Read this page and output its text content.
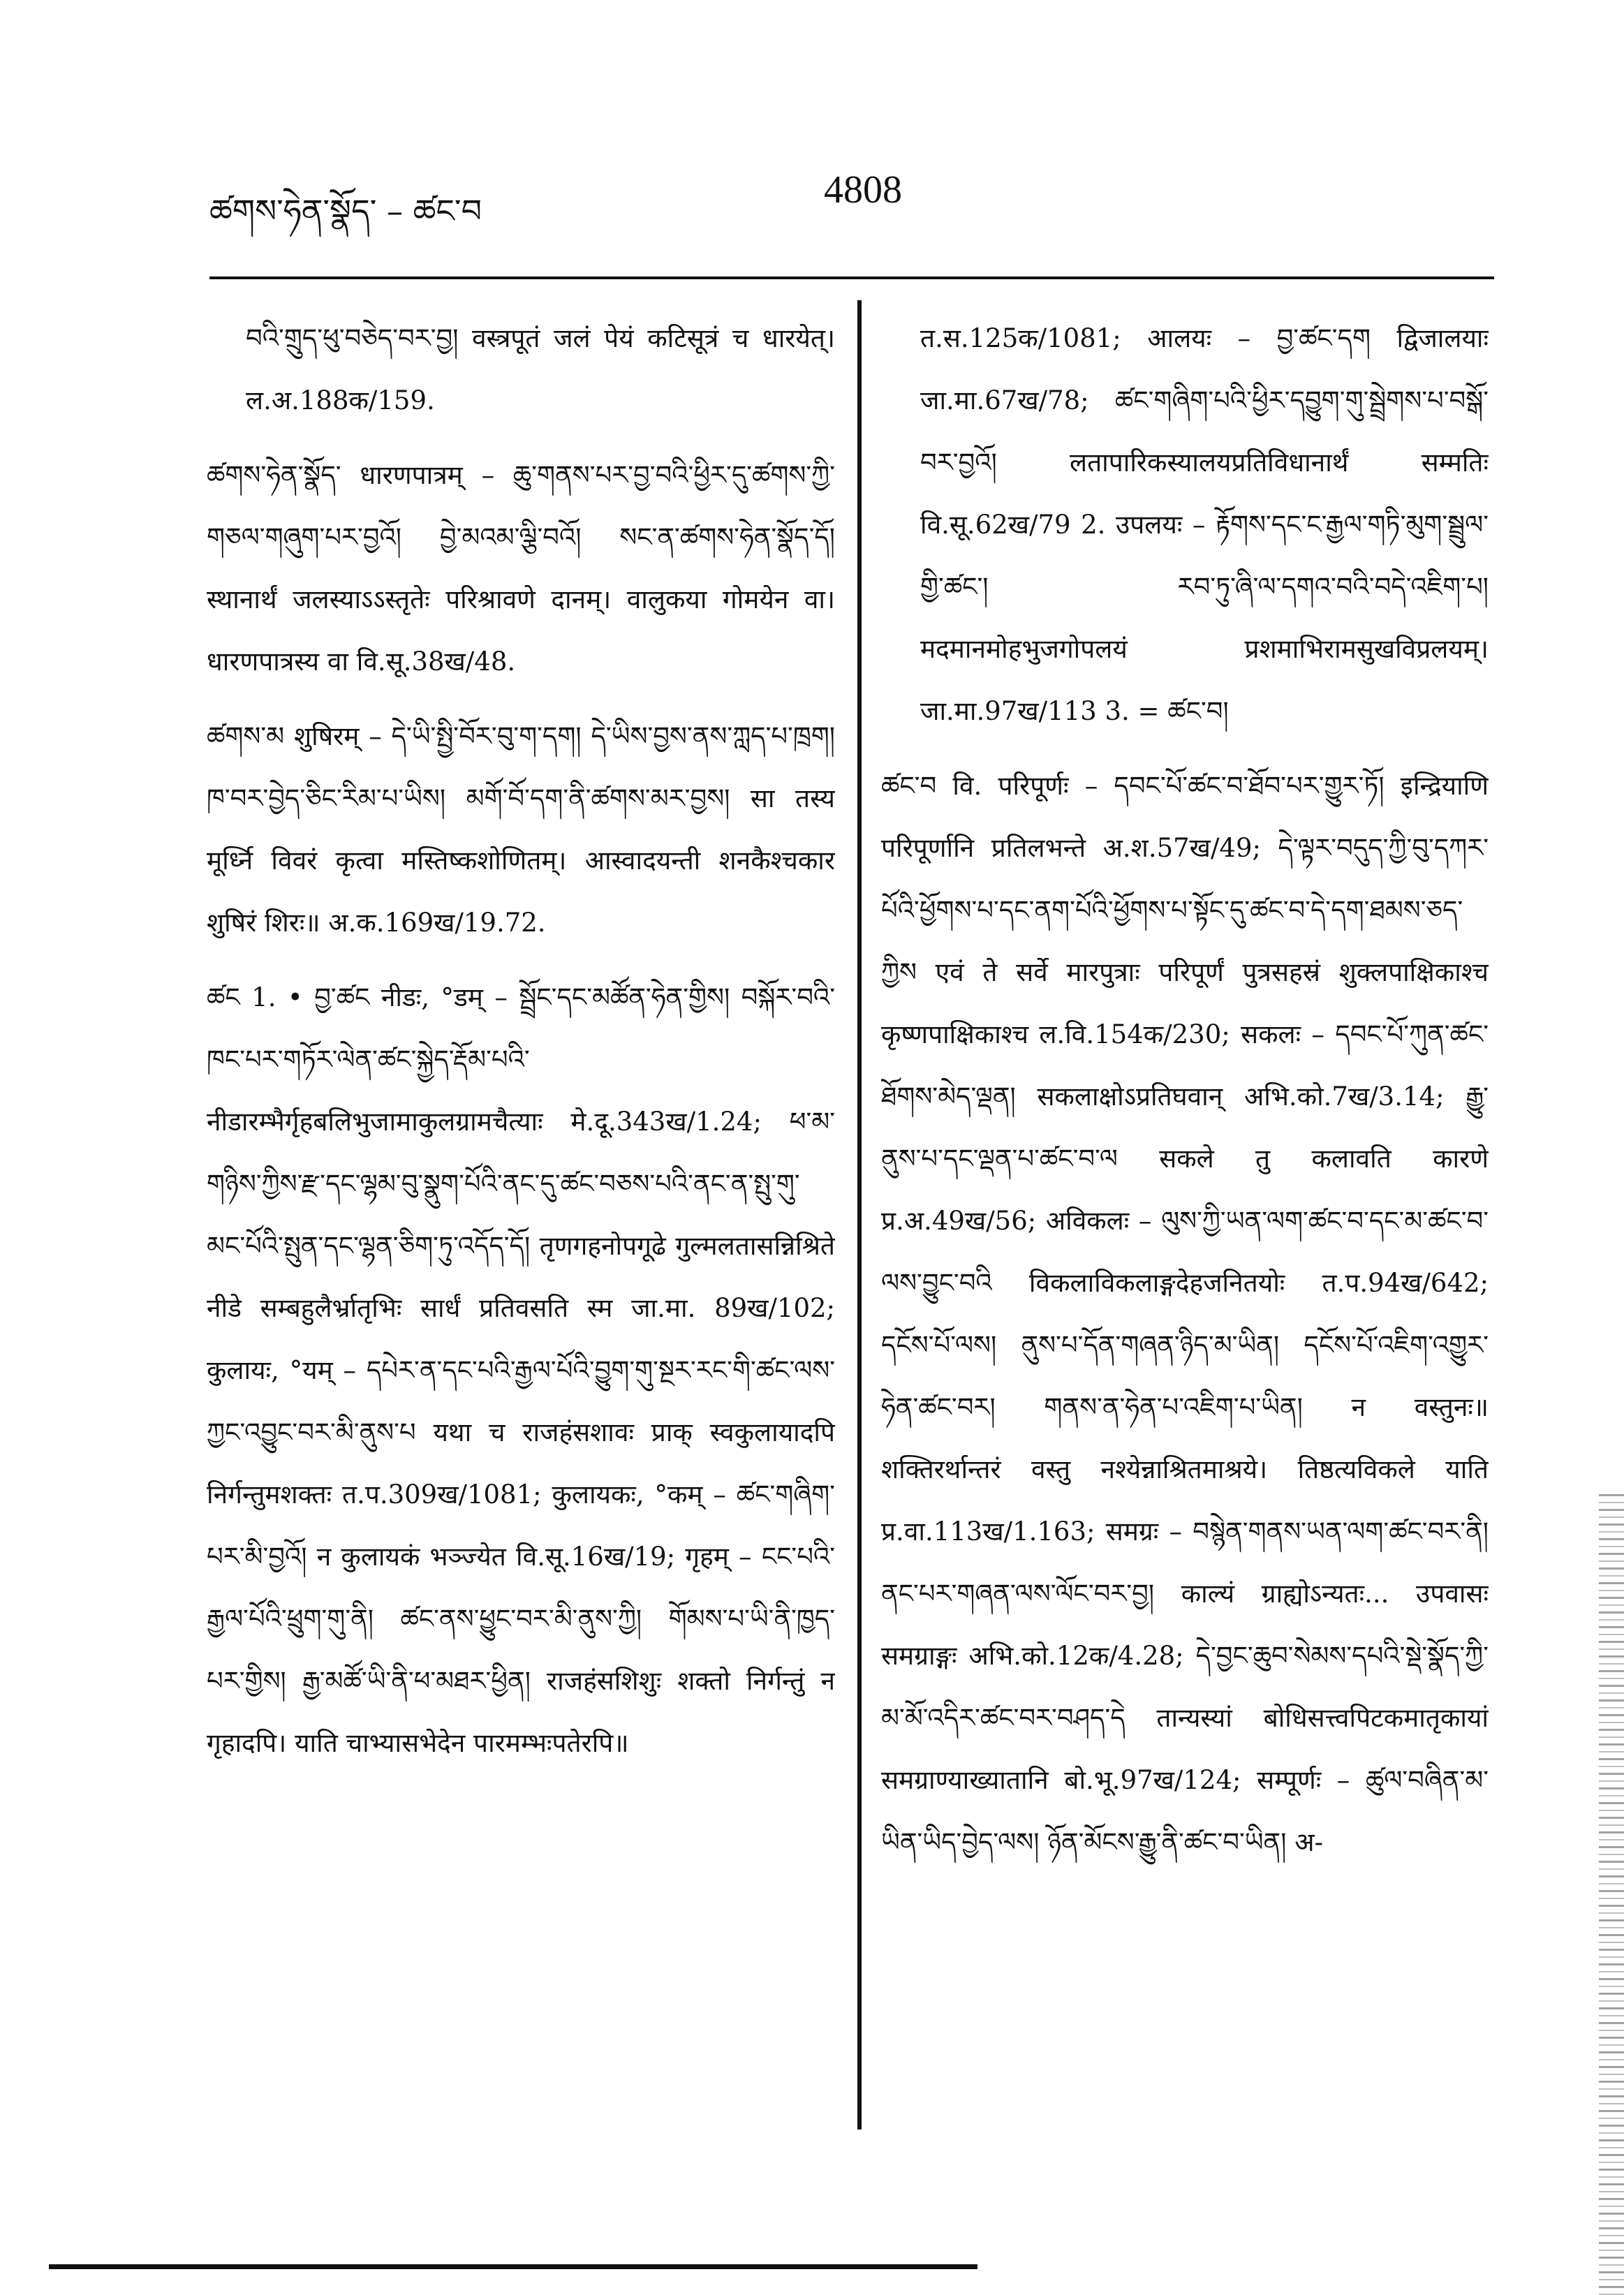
ཚགས་ཧེན་སྣོད་ – ཚང་བ	4808

བའི་གྲུད་ཕུ་བཅེད་བར་བྱ། वस्त्रपूतं जलं पेयं कटिसूत्रं च धारयेत्। ल.अ.188क/159.

ཚགས་ཧེན་སྣོད་ धारणपात्रम् – ཆུ་གནས་པར་བྱ་བའི་ཕྱིར་དུ་ཚགས་ཀྱི་གཅལ་གཞུག་པར་བྱའོ། བྱེ་མའམ་ལྕི་བའོ། སང་ན་ཚགས་ཧེན་སྣོད་དོ། स्थानार्थं जलस्याऽऽस्तृतेः परिश्रावणे दानम्। वालुकया गोमयेन वा। धारणपात्रस्य वा वि.सू.38ख/48.

ཚགས་མ शुषिरम् – དེ་ཡི་སྤྱི་བོར་བུ་ག་དག། དེ་ཡིས་བྱས་ནས་ཀླད་པ་ཁྲག། ཁ་བར་བྱེད་ཅིང་རིམ་པ་ཡིས། མགོ་བོ་དག་ནི་ཚགས་མར་བྱས། सा तस्य मूर्ध्नि विवरं कृत्वा मस्तिष्कशोणितम्। आस्वादयन्ती शनकैश्चकार शुषिरं शिरः॥ अ.क.169ख/19.72.

ཚང 1. • བྱ་ཚང नीडः, °डम् – སྦྲོང་དང་མཚོན་ཧེན་གྱིས། བསྐོར་བའི་ཁང་པར་གཏོར་ལེན་ཚང་སྐྱེད་རྡོམ་པའི་ नीडारम्भैर्गृहबलिभुजामाकुलग्रामचैत्याः मे.दू.343ख/1.24; ཕ་མ་གཉིས་ཀྱིས་རྫ་དང་ལྷམ་བུ་སྣུག་པོའི་ནང་དུ་ཚང་བཅས་པའི་ནང་ན་སྤུ་གུ་མང་པོའི་སྤུན་དང་ལྷན་ཅིག་ཏུ་འདོད་དོ། तृणगहनोपगूढे गुल्मलतासन्निश्रिते नीडे सम्बहुलैर्भ्रातृभिः सार्धं प्रतिवसति स्म जा.मा. 89ख/102; कुलायः, °यम् – དཔེར་ན་དང་པའི་རྒྱལ་པོའི་བྱུག་གུ་སྔར་རང་གི་ཚང་ལས་ཀྱང་འབྱུང་བར་མི་ནུས་པ यथा च राजहंसशावः प्राक् स्वकुलायादपि निर्गन्तुमशक्तः त.प.309ख/1081; कुलायकः, °कम् – ཚང་གཞིག་པར་མི་བྱའོ། न कुलायकं भञ्ज्येत वि.सू.16ख/19; गृहम् – ངང་པའི་རྒྱལ་པོའི་ཕྲུག་གུ་ནི། ཚང་ནས་ཕྱུང་བར་མི་ནུས་ཀྱི། གོམས་པ་ཡི་ནི་ཁྱད་པར་གྱིས། རྒྱ་མཚོ་ཡི་ནི་ཕ་མཐར་ཕྱིན། राजहंसशिशुः शक्तो निर्गन्तुं न गृहादपि। याति चाभ्यासभेदेन पारमम्भःपतेरपि॥

त.स.125क/1081; आलयः – བྱ་ཚང་དག द्विजालयाः जा.मा.67ख/78; ཚང་གཞིག་པའི་ཕྱིར་དབྱུག་གུ་སྦྲེགས་པ་བསྒོ་བར་བྱའོ། लतापारिकस्यालयप्रतिविधानार्थं सम्मतिः वि.सू.62ख/79 2. उपलयः – རྟོགས་དང་ང་རྒྱལ་གཏི་མུག་སྦྲུལ་གྱི་ཚང་། རབ་ཏུ་ཞི་ལ་དགའ་བའི་བདེ་འཇིག་པ། मदमानमोहभुजगोपलयं प्रशमाभिरामसुखविप्रलयम्। जा.मा.97ख/113 3. = ཚང་བ།

ཚང་བ वि. परिपूर्णः – དབང་པོ་ཚང་བ་ཐོབ་པར་གྱུར་ཏོ། इन्द्रियाणि परिपूर्णानि प्रतिलभन्ते अ.श.57ख/49; དེ་ལྟར་བདུད་ཀྱི་བུ་དཀར་པོའི་ཕྱོགས་པ་དང་ནག་པོའི་ཕྱོགས་པ་སྟོང་དུ་ཚང་བ་དེ་དག་ཐམས་ཅད་ཀྱིས एवं ते सर्वे मारपुत्राः परिपूर्णं पुत्रसहस्रं शुक्लपाक्षिकाश्च कृष्णपाक्षिकाश्च ल.वि.154क/230; सकलः – དབང་པོ་ཀུན་ཚང་ཐོགས་མེད་ལྡན། सकलाक्षोऽप्रतिघवान् अभि.को.7ख/3.14; རྒྱུ་ནུས་པ་དང་ལྡན་པ་ཚང་བ་ལ सकले तु कलावति कारणे प्र.अ.49ख/56; अविकलः – ལུས་ཀྱི་ཡན་ལག་ཚང་བ་དང་མ་ཚང་བ་ལས་བྱུང་བའི विकलाविकलाङ्गदेहजनितयोः त.प.94ख/642; དངོས་པོ་ལས། ནུས་པ་དོན་གཞན་ཉིད་མ་ཡིན། དངོས་པོ་འཇིག་འགྱུར་ཧེན་ཚང་བར། གནས་ན་ཧེན་པ་འཇིག་པ་ཡིན། न वस्तुनः॥ शक्तिरर्थान्तरं वस्तु नश्येन्नाश्रितमाश्रये। तिष्ठत्यविकले याति प्र.वा.113ख/1.163; समग्रः – བསྙེན་གནས་ཡན་ལག་ཚང་བར་ནི། ནང་པར་གཞན་ལས་ལོང་བར་བྱ། काल्यं ग्राह्योऽन्यतः... उपवासः समग्राङ्गः अभि.को.12क/4.28; དེ་བྱང་ཆུབ་སེམས་དཔའི་སྡེ་སྣོད་ཀྱི་མ་མོ་འདིར་ཚང་བར་བཤད་དེ तान्यस्यां बोधिसत्त्वपिटकमातृकायां समग्राण्याख्यातानि बो.भू.97ख/124; सम्पूर्णः – ཚུལ་བཞིན་མ་ཡིན་ཡིད་བྱེད་ལས། ཉོན་མོངས་རྒྱུ་ནི་ཚང་བ་ཡིན། अ-
